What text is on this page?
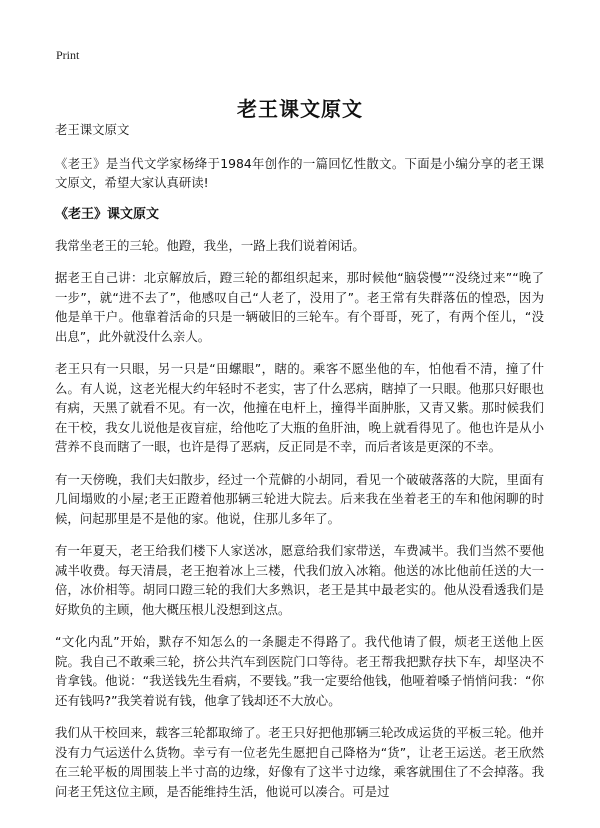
Print
老王课文原文

老王课文原文

《老王》是当代文学家杨绛于1984年创作的一篇回忆性散文。下面是小编分享的老王课文原文，希望大家认真研读!

《老王》课文原文

我常坐老王的三轮。他蹬，我坐，一路上我们说着闲话。

据老王自己讲：北京解放后，蹬三轮的都组织起来，那时候他“脑袋慢”“没绕过来”“晚了一步”，就“进不去了”，他感叹自己“人老了，没用了”。老王常有失群落伍的惶恐，因为他是单干户。他靠着活命的只是一辆破旧的三轮车。有个哥哥，死了，有两个侄儿，“没出息”，此外就没什么亲人。

老王只有一只眼，另一只是“田螺眼”，瞎的。乘客不愿坐他的车，怕他看不清，撞了什么。有人说，这老光棍大约年轻时不老实，害了什么恶病，瞎掉了一只眼。他那只好眼也有病，天黑了就看不见。有一次，他撞在电杆上，撞得半面肿胀，又青又紫。那时候我们在干校，我女儿说他是夜盲症，给他吃了大瓶的鱼肝油，晚上就看得见了。他也许是从小营养不良而瞎了一眼，也许是得了恶病，反正同是不幸，而后者该是更深的不幸。

有一天傍晚，我们夫妇散步，经过一个荒僻的小胡同，看见一个破破落落的大院，里面有几间塌败的小屋;老王正蹬着他那辆三轮进大院去。后来我在坐着老王的车和他闲聊的时候，问起那里是不是他的家。他说，住那儿多年了。

有一年夏天，老王给我们楼下人家送冰，愿意给我们家带送，车费减半。我们当然不要他减半收费。每天清晨，老王抱着冰上三楼，代我们放入冰箱。他送的冰比他前任送的大一倍，冰价相等。胡同口蹬三轮的我们大多熟识，老王是其中最老实的。他从没看透我们是好欺负的主顾，他大概压根儿没想到这点。

“文化内乱”开始，默存不知怎么的一条腿走不得路了。我代他请了假，烦老王送他上医院。我自己不敢乘三轮，挤公共汽车到医院门口等待。老王帮我把默存扶下车，却坚决不肯拿钱。他说：“我送钱先生看病，不要钱。”我一定要给他钱，他哑着嗓子悄悄问我：“你还有钱吗?”我笑着说有钱，他拿了钱却还不大放心。

我们从干校回来，载客三轮都取缔了。老王只好把他那辆三轮改成运货的平板三轮。他并没有力气运送什么货物。幸亏有一位老先生愿把自己降格为“货”，让老王运送。老王欣然在三轮平板的周围装上半寸高的边缘，好像有了这半寸边缘，乘客就围住了不会掉落。我问老王凭这位主顾，是否能维持生活，他说可以凑合。可是过
